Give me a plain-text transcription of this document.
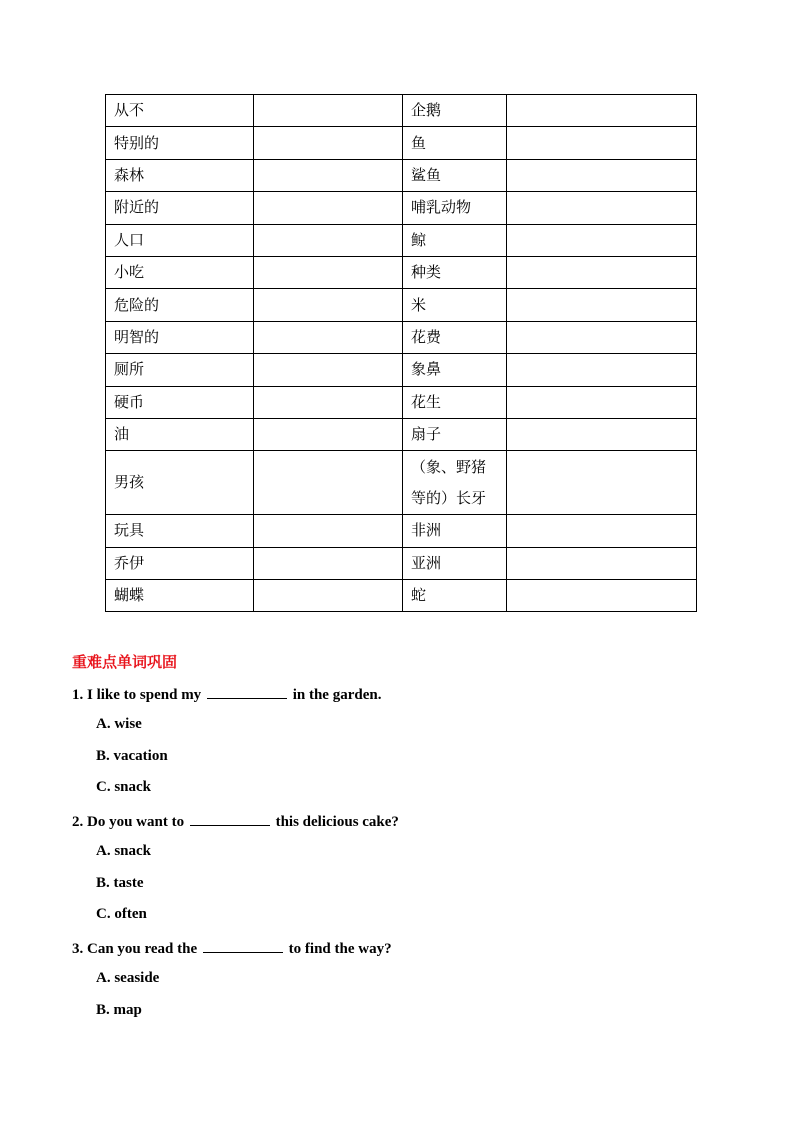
从不		企鹅	
特别的		鱼	
森林		鲨鱼	
附近的		哺乳动物	
人口		鲸	
小吃		种类	
危险的		米	
明智的		花费	
厕所		象鼻	
硬币		花生	
油		扇子	
男孩		（象、野猪等的）长牙	
玩具		非洲	
乔伊		亚洲	
蝴蝶		蛇	

重难点单词巩固

1. I like to spend my	in the garden.
A. wise
B. vacation
C. snack
2. Do you want to	this delicious cake?
A. snack
B. taste
C. often
3. Can you read the	to find the way?
A. seaside
B. map
